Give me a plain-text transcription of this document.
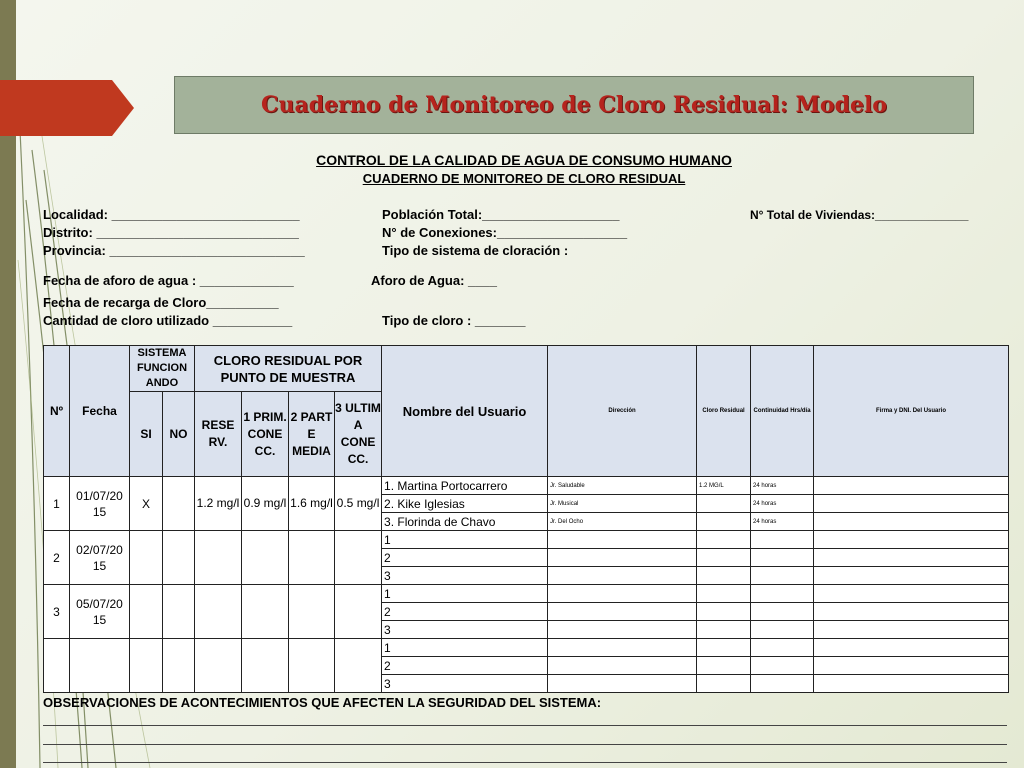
Cuaderno de Monitoreo de Cloro Residual: Modelo
CONTROL DE LA CALIDAD DE AGUA DE CONSUMO HUMANO
CUADERNO DE MONITOREO DE CLORO RESIDUAL
Localidad: __________________________
Distrito: ____________________________
Provincia: ___________________________
Población Total:___________________
N° de Conexiones:__________________
Tipo de sistema de cloración :
N° Total de Viviendas:______________
Fecha de aforo de agua : _____________	Aforo de Agua: ____
Fecha de recarga de Cloro__________
Cantidad de cloro utilizado ___________	Tipo de cloro : _______
Nº	Fecha	SISTEMA FUNCION ANDO		CLORO RESIDUAL POR PUNTO DE MUESTRA				Nombre del Usuario	Dirección	Cloro Residual	Continuidad Hrs/día	Firma y DNI. Del Usuario
		SI	NO	RESE RV.	1 PRIM. CONE CC.	2 PART E MEDIA	3 ULTIM A CONE CC.					
1	01/07/20 15	X		1.2 mg/l	0.9 mg/l	1.6 mg/l	0.5 mg/l	1. Martina Portocarrero	Jr. Saludable	1.2 MG/L	24 horas	
								2. Kike Iglesias	Jr. Musical		24 horas	
								3. Florinda de Chavo	Jr. Del Ocho		24 horas	
2	02/07/20 15							1				
								2				
								3				
3	05/07/20 15							1				
								2				
								3				
								1				
								2				
								3				
OBSERVACIONES DE ACONTECIMIENTOS QUE AFECTEN LA SEGURIDAD DEL SISTEMA:
